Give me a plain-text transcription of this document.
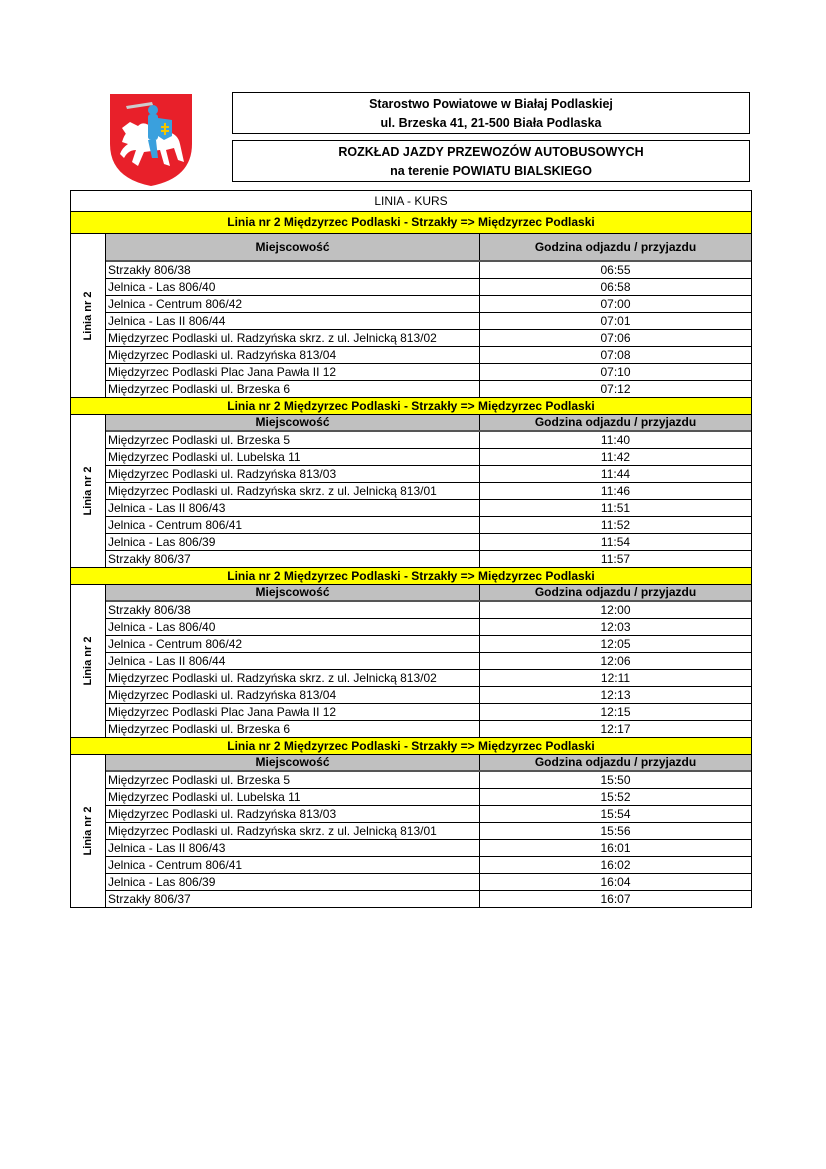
Starostwo Powiatowe w Białaj Podlaskiej
ul. Brzeska 41, 21-500 Biała Podlaska
ROZKŁAD JAZDY PRZEWOZÓW AUTOBUSOWYCH
na terenie POWIATU BIALSKIEGO
LINIA - KURS
Linia nr 2 Międzyrzec Podlaski - Strzakły => Międzyrzec Podlaski
Linia nr 2
Miejscowość	Godzina odjazdu / przyjazdu
Strzakły 806/38	06:55
Jelnica - Las 806/40	06:58
Jelnica - Centrum 806/42	07:00
Jelnica - Las II 806/44	07:01
Międzyrzec Podlaski ul. Radzyńska skrz. z ul. Jelnicką 813/02	07:06
Międzyrzec Podlaski ul. Radzyńska 813/04	07:08
Międzyrzec Podlaski Plac Jana Pawła II 12	07:10
Międzyrzec Podlaski ul. Brzeska 6	07:12
Linia nr 2 Międzyrzec Podlaski - Strzakły => Międzyrzec Podlaski
Linia nr 2
Miejscowość	Godzina odjazdu / przyjazdu
Międzyrzec Podlaski ul. Brzeska 5	11:40
Międzyrzec Podlaski ul. Lubelska 11	11:42
Międzyrzec Podlaski ul. Radzyńska 813/03	11:44
Międzyrzec Podlaski ul. Radzyńska skrz. z ul. Jelnicką 813/01	11:46
Jelnica - Las II 806/43	11:51
Jelnica - Centrum 806/41	11:52
Jelnica - Las 806/39	11:54
Strzakły 806/37	11:57
Linia nr 2 Międzyrzec Podlaski - Strzakły => Międzyrzec Podlaski
Linia nr 2
Miejscowość	Godzina odjazdu / przyjazdu
Strzakły 806/38	12:00
Jelnica - Las 806/40	12:03
Jelnica - Centrum 806/42	12:05
Jelnica - Las II 806/44	12:06
Międzyrzec Podlaski ul. Radzyńska skrz. z ul. Jelnicką 813/02	12:11
Międzyrzec Podlaski ul. Radzyńska 813/04	12:13
Międzyrzec Podlaski Plac Jana Pawła II 12	12:15
Międzyrzec Podlaski ul. Brzeska 6	12:17
Linia nr 2 Międzyrzec Podlaski - Strzakły => Międzyrzec Podlaski
Linia nr 2
Miejscowość	Godzina odjazdu / przyjazdu
Międzyrzec Podlaski ul. Brzeska 5	15:50
Międzyrzec Podlaski ul. Lubelska 11	15:52
Międzyrzec Podlaski ul. Radzyńska 813/03	15:54
Międzyrzec Podlaski ul. Radzyńska skrz. z ul. Jelnicką 813/01	15:56
Jelnica - Las II 806/43	16:01
Jelnica - Centrum 806/41	16:02
Jelnica - Las 806/39	16:04
Strzakły 806/37	16:07
